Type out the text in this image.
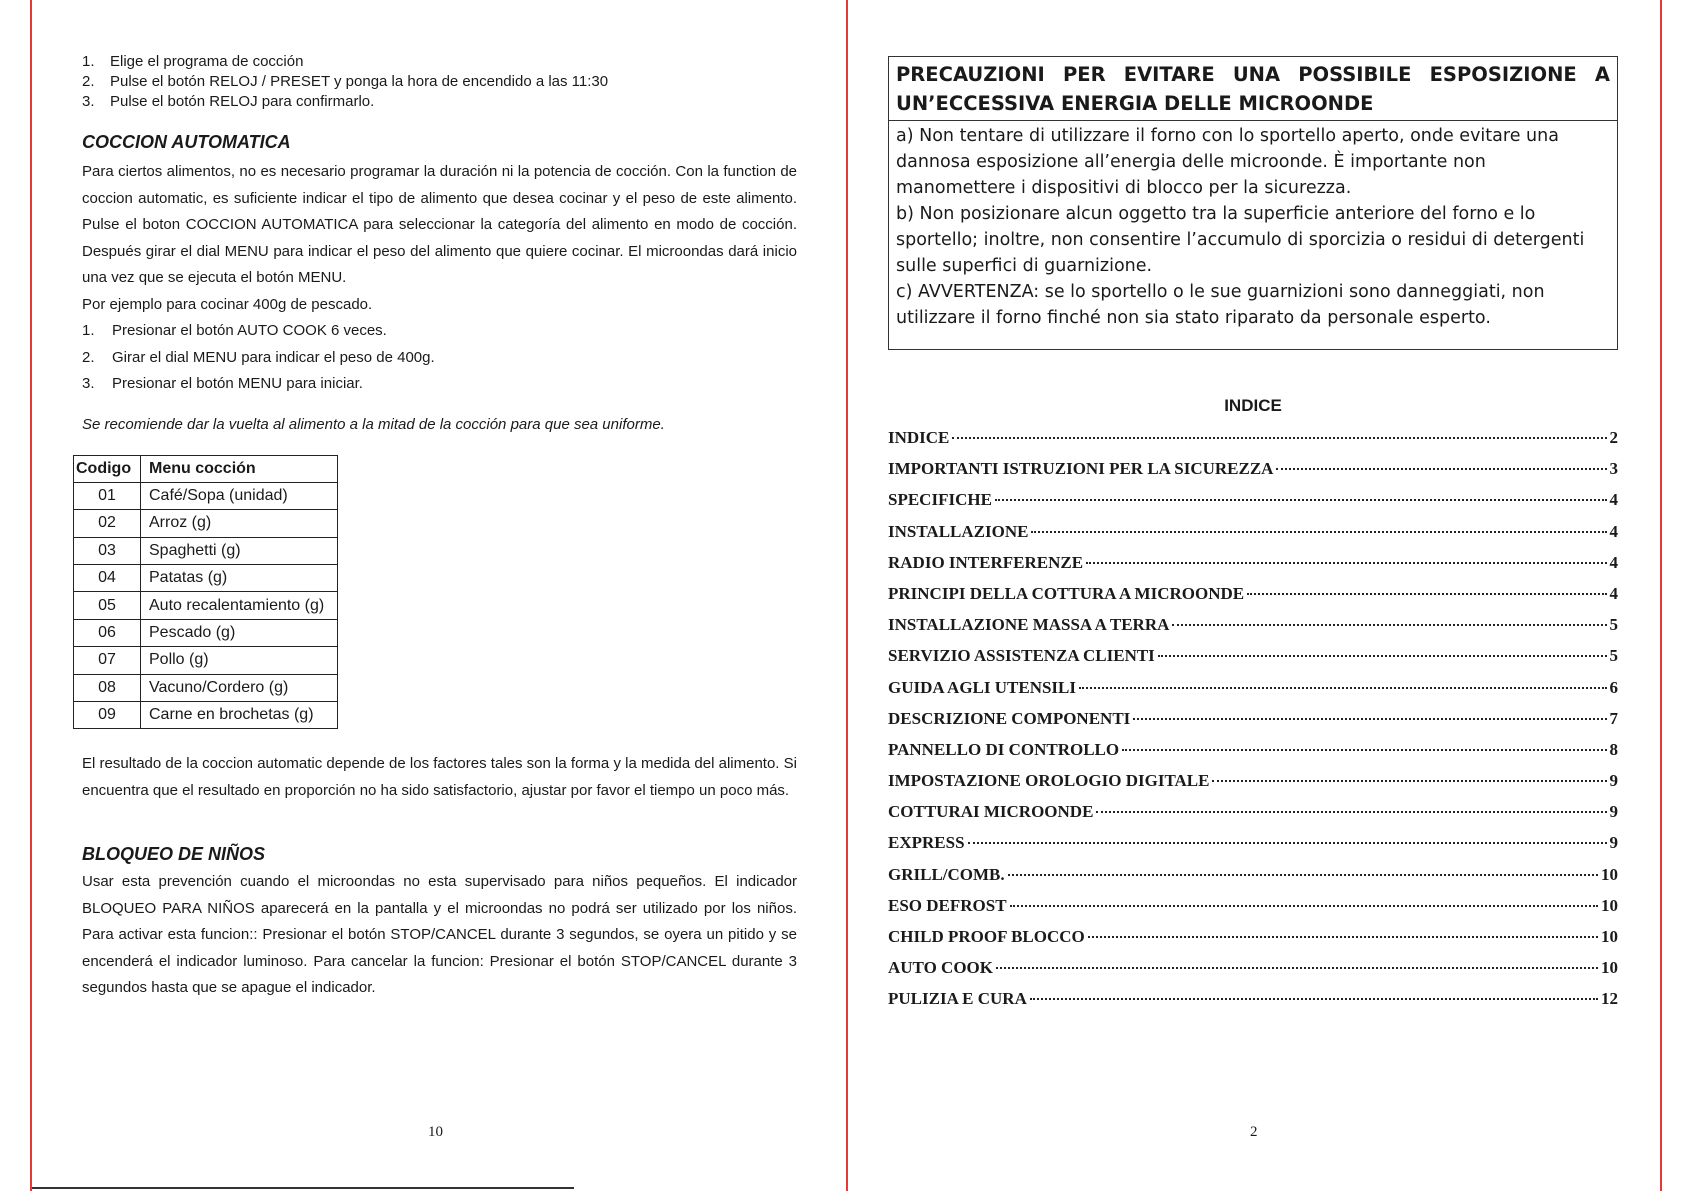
1.	Elige el programa de cocción
2.	Pulse el botón RELOJ / PRESET y ponga la hora de encendido a las 11:30
3.	Pulse el botón RELOJ para confirmarlo.
COCCION AUTOMATICA

Para ciertos alimentos, no es necesario programar la duración ni la potencia de cocción. Con la function de coccion automatic, es suficiente indicar el tipo de alimento que desea cocinar y el peso de este alimento. Pulse el boton COCCION AUTOMATICA para seleccionar la categoría del alimento en modo de cocción. Después girar el dial MENU para indicar el peso del alimento que quiere cocinar. El microondas dará inicio una vez que se ejecuta el botón MENU.

Por ejemplo para cocinar 400g de pescado.

1.	Presionar el botón AUTO COOK 6 veces.
2.	Girar el dial MENU para indicar el peso de 400g.
3.	Presionar el botón MENU para iniciar.

Se recomiende dar la vuelta al alimento a la mitad de la cocción para que sea uniforme.

Codigo	Menu cocción
01	Café/Sopa (unidad)
02	Arroz (g)
03	Spaghetti (g)
04	Patatas (g)
05	Auto recalentamiento (g)
06	Pescado (g)
07	Pollo (g)
08	Vacuno/Cordero (g)
09	Carne en brochetas (g)

El resultado de la coccion automatic depende de los factores tales son la forma y la medida del alimento. Si encuentra que el resultado en proporción no ha sido satisfactorio, ajustar por favor el tiempo un poco más.

BLOQUEO DE NIÑOS

Usar esta prevención cuando el microondas no esta supervisado para niños pequeños. El indicador BLOQUEO PARA NIÑOS aparecerá en la pantalla y el microondas no podrá ser utilizado por los niños. Para activar esta funcion:: Presionar el botón STOP/CANCEL durante 3 segundos, se oyera un pitido y se encenderá el indicador luminoso. Para cancelar la funcion: Presionar el botón STOP/CANCEL durante 3 segundos hasta que se apague el indicador.

10
PRECAUZIONI PER EVITARE UNA POSSIBILE ESPOSIZIONE A UN’ECCESSIVA ENERGIA DELLE MICROONDE

a) Non tentare di utilizzare il forno con lo sportello aperto, onde evitare una dannosa esposizione all’energia delle microonde. È importante non manomettere i dispositivi di blocco per la sicurezza.

b) Non posizionare alcun oggetto tra la superficie anteriore del forno e lo sportello; inoltre, non consentire l’accumulo di sporcizia o residui di detergenti sulle superfici di guarnizione.

c) AVVERTENZA: se lo sportello o le sue guarnizioni sono danneggiati, non utilizzare il forno finché non sia stato riparato da personale esperto.

INDICE
INDICE	2
IMPORTANTI ISTRUZIONI PER LA SICUREZZA	3
SPECIFICHE	4
INSTALLAZIONE	4
RADIO INTERFERENZE	4
PRINCIPI DELLA COTTURA A MICROONDE	4
INSTALLAZIONE MASSA A TERRA	5
SERVIZIO ASSISTENZA CLIENTI	5
GUIDA AGLI UTENSILI	6
DESCRIZIONE COMPONENTI	7
PANNELLO DI CONTROLLO	8
IMPOSTAZIONE OROLOGIO DIGITALE	9
COTTURAI MICROONDE	9
EXPRESS	9
GRILL/COMB.	10
ESO DEFROST	10
CHILD PROOF BLOCCO	10
AUTO COOK	10
PULIZIA E CURA	12
2
